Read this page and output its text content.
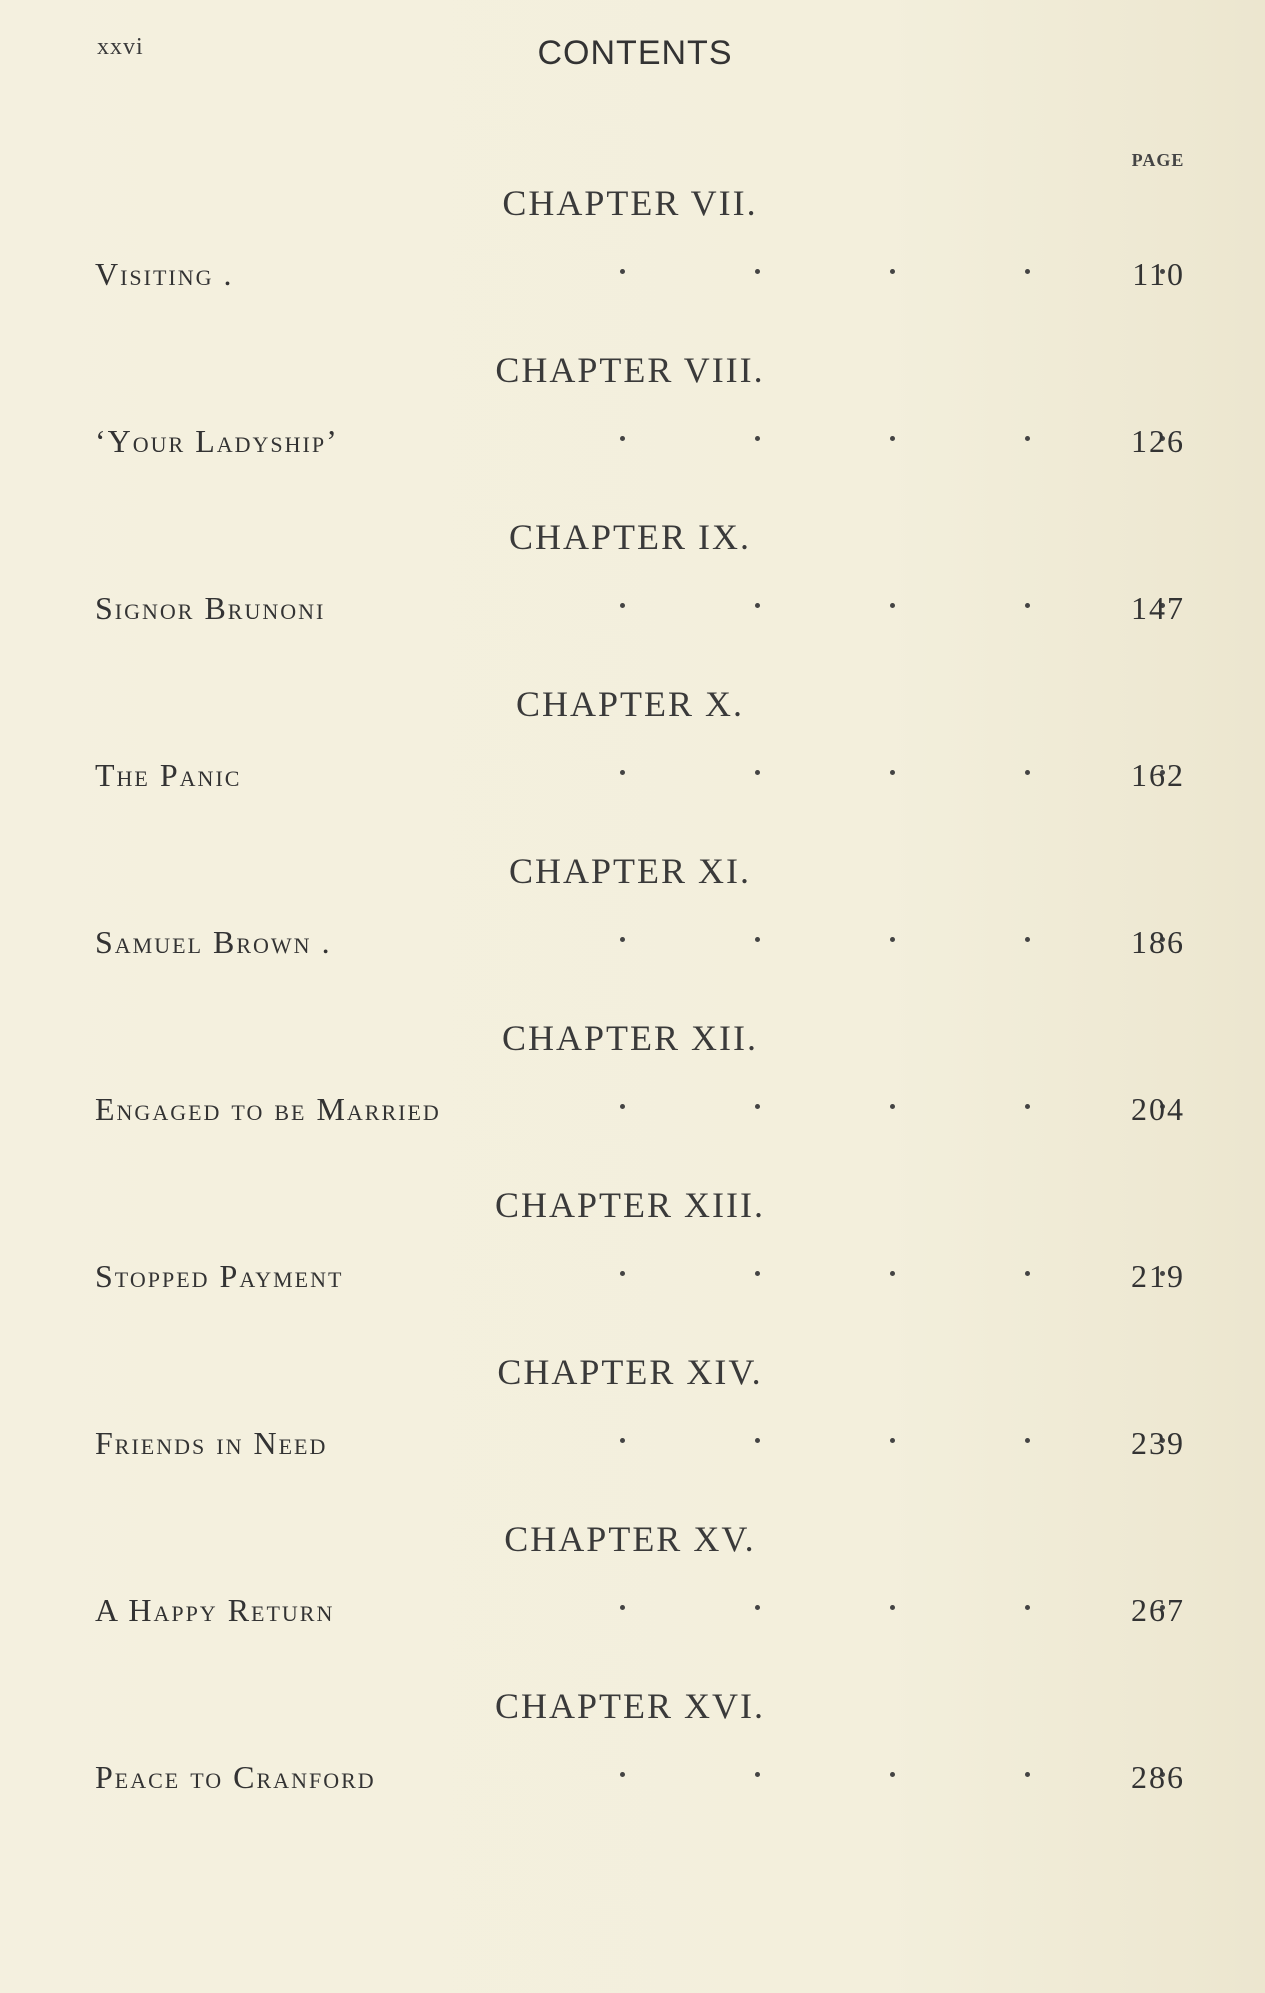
xxvi	CONTENTS
PAGE
CHAPTER VII.
Visiting .	110
CHAPTER VIII.
‘Your Ladyship’	126
CHAPTER IX.
Signor Brunoni	147
CHAPTER X.
The Panic	162
CHAPTER XI.
Samuel Brown .	186
CHAPTER XII.
Engaged to be Married	204
CHAPTER XIII.
Stopped Payment	219
CHAPTER XIV.
Friends in Need	239
CHAPTER XV.
A Happy Return	267
CHAPTER XVI.
Peace to Cranford	286
